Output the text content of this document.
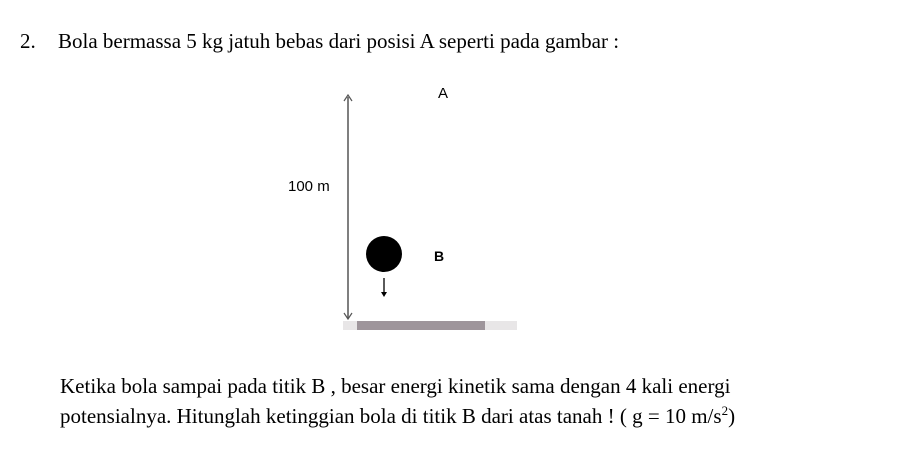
2. Bola bermassa 5 kg jatuh bebas dari posisi A seperti pada gambar :
A
100 m
B
Ketika bola sampai pada titik B , besar energi kinetik sama dengan 4 kali energi
potensialnya. Hitunglah ketinggian bola di titik B dari atas tanah ! ( g = 10 $m/s^2$)
